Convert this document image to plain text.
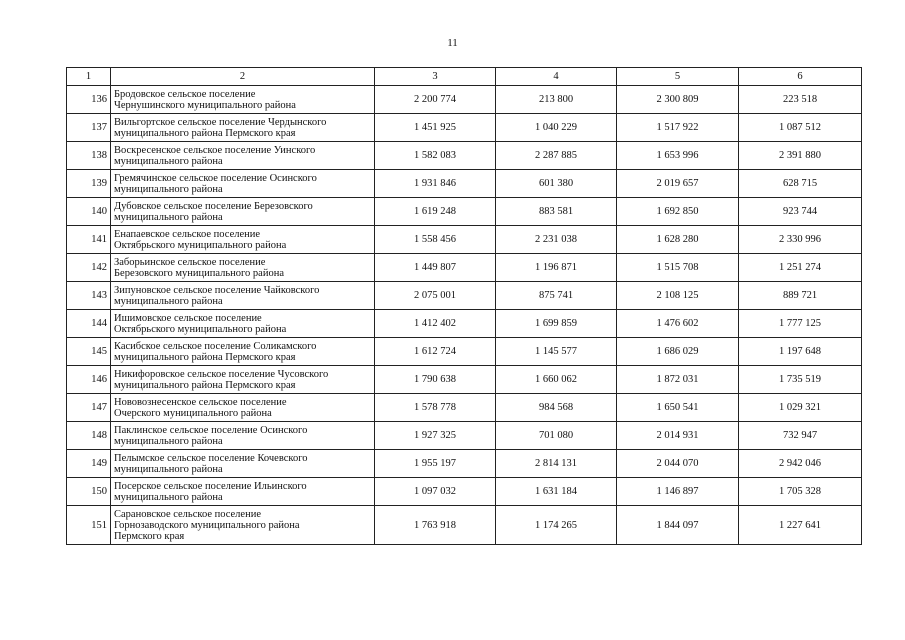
11
1	2	3	4	5	6
136	Бродовское сельское поселение
Чернушинского муниципального района	2 200 774	213 800	2 300 809	223 518
137	Вильгортское сельское поселение Чердынского
муниципального района Пермского края	1 451 925	1 040 229	1 517 922	1 087 512
138	Воскресенское сельское поселение Уинского
муниципального района	1 582 083	2 287 885	1 653 996	2 391 880
139	Гремячинское сельское поселение Осинского
муниципального района	1 931 846	601 380	2 019 657	628 715
140	Дубовское сельское поселение Березовского
муниципального района	1 619 248	883 581	1 692 850	923 744
141	Енапаевское сельское поселение
Октябрьского муниципального района	1 558 456	2 231 038	1 628 280	2 330 996
142	Заборьинское сельское поселение
Березовского муниципального района	1 449 807	1 196 871	1 515 708	1 251 274
143	Зипуновское сельское поселение Чайковского
муниципального района	2 075 001	875 741	2 108 125	889 721
144	Ишимовское сельское поселение
Октябрьского муниципального района	1 412 402	1 699 859	1 476 602	1 777 125
145	Касибское сельское поселение Соликамского
муниципального района Пермского края	1 612 724	1 145 577	1 686 029	1 197 648
146	Никифоровское сельское поселение Чусовского
муниципального района Пермского края	1 790 638	1 660 062	1 872 031	1 735 519
147	Нововознесенское сельское поселение
Очерского муниципального района	1 578 778	984 568	1 650 541	1 029 321
148	Паклинское сельское поселение Осинского
муниципального района	1 927 325	701 080	2 014 931	732 947
149	Пелымское сельское поселение Кочевского
муниципального района	1 955 197	2 814 131	2 044 070	2 942 046
150	Посерское сельское поселение Ильинского
муниципального района	1 097 032	1 631 184	1 146 897	1 705 328
151	Сарановское сельское поселение
Горнозаводского муниципального района
Пермского края	1 763 918	1 174 265	1 844 097	1 227 641
